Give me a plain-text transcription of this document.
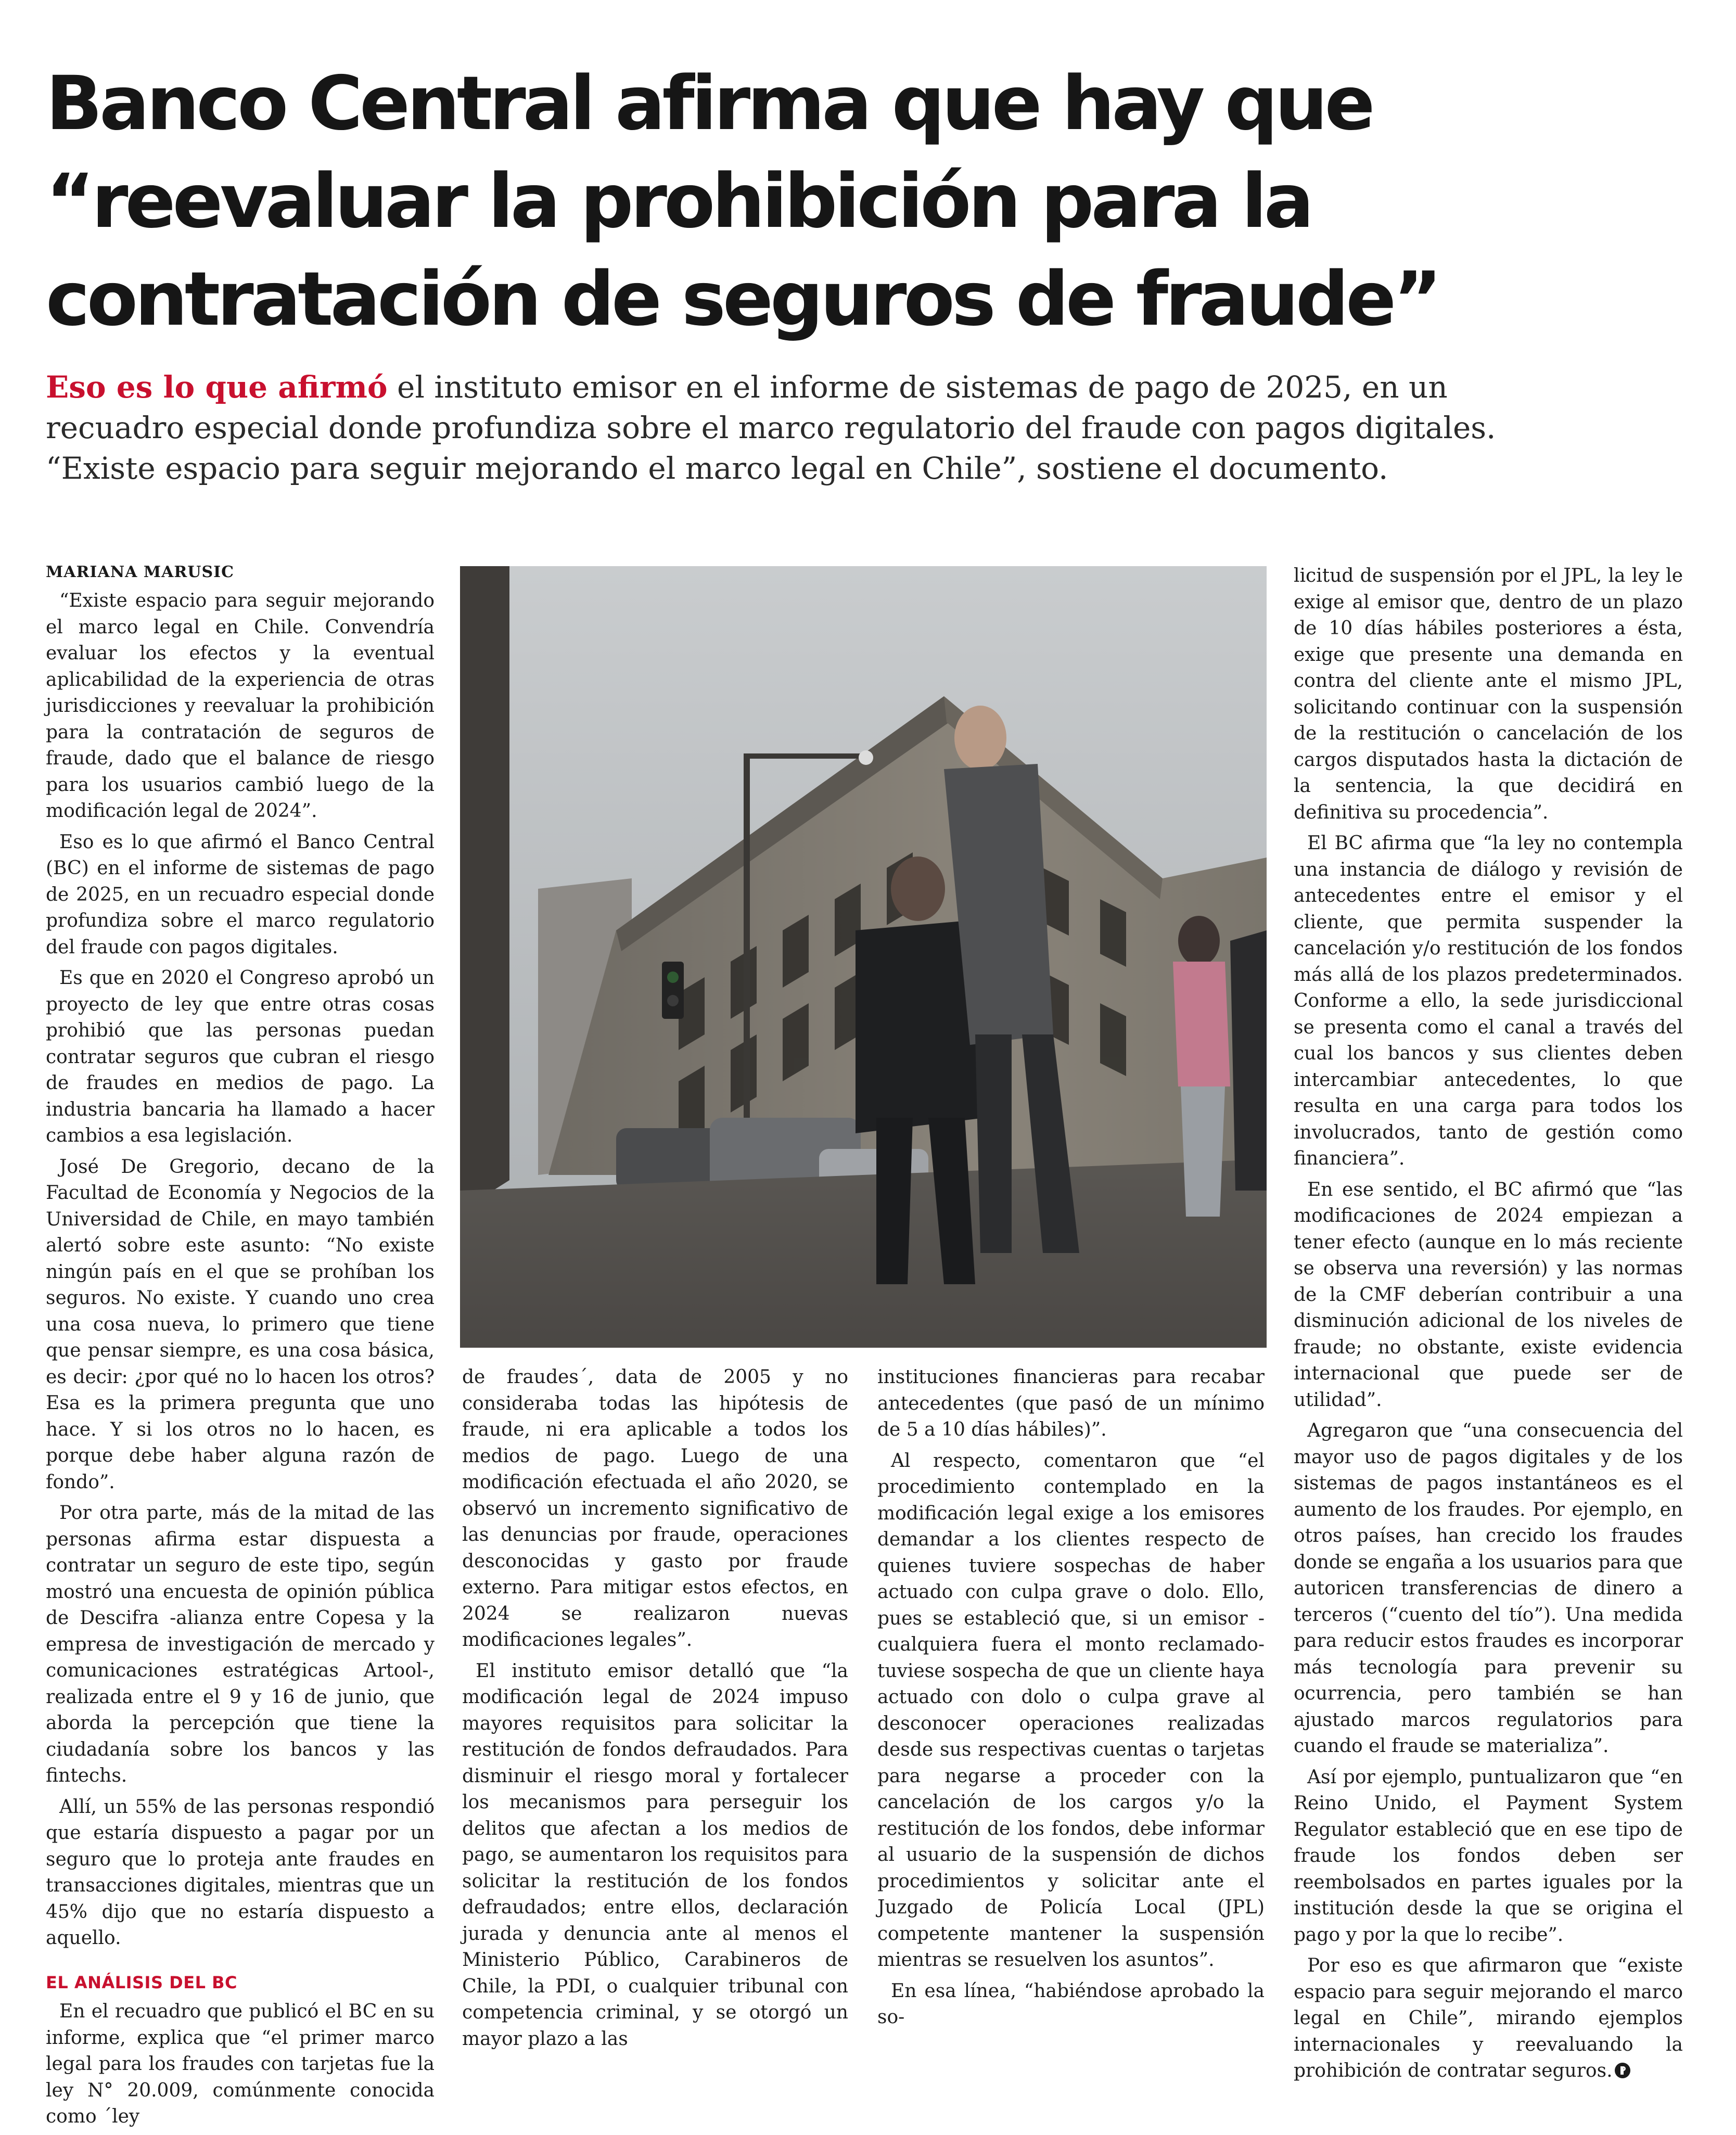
Banco Central afirma que hay que
“reevaluar la prohibición para la
contratación de seguros de fraude”
Eso es lo que afirmó el instituto emisor en el informe de sistemas de pago de 2025, en un
recuadro especial donde profundiza sobre el marco regulatorio del fraude con pagos digitales.
“Existe espacio para seguir mejorando el marco legal en Chile”, sostiene el documento.
MARIANA MARUSIC

“Existe espacio para seguir mejorando el marco legal en Chile. Convendría evaluar los efectos y la eventual aplicabilidad de la experiencia de otras jurisdicciones y reevaluar la prohibición para la contratación de seguros de fraude, dado que el balance de riesgo para los usuarios cambió luego de la modificación legal de 2024”.

Eso es lo que afirmó el Banco Central (BC) en el informe de sistemas de pago de 2025, en un recuadro especial donde profundiza sobre el marco regulatorio del fraude con pagos digitales.

Es que en 2020 el Congreso aprobó un proyecto de ley que entre otras cosas prohibió que las personas puedan contratar seguros que cubran el riesgo de fraudes en medios de pago. La industria bancaria ha llamado a hacer cambios a esa legislación.

José De Gregorio, decano de la Facultad de Economía y Negocios de la Universidad de Chile, en mayo también alertó sobre este asunto: “No existe ningún país en el que se prohíban los seguros. No existe. Y cuando uno crea una cosa nueva, lo primero que tiene que pensar siempre, es una cosa básica, es decir: ¿por qué no lo hacen los otros? Esa es la primera pregunta que uno hace. Y si los otros no lo hacen, es porque debe haber alguna razón de fondo”.

Por otra parte, más de la mitad de las personas afirma estar dispuesta a contratar un seguro de este tipo, según mostró una encuesta de opinión pública de Descifra -alianza entre Copesa y la empresa de investigación de mercado y comunicaciones estratégicas Artool-, realizada entre el 9 y 16 de junio, que aborda la percepción que tiene la ciudadanía sobre los bancos y las fintechs.

Allí, un 55% de las personas respondió que estaría dispuesto a pagar por un seguro que lo proteja ante fraudes en transacciones digitales, mientras que un 45% dijo que no estaría dispuesto a aquello.

EL ANÁLISIS DEL BC

En el recuadro que publicó el BC en su informe, explica que “el primer marco legal para los fraudes con tarjetas fue la ley N° 20.009, comúnmente conocida como ´ley

de fraudes´, data de 2005 y no consideraba todas las hipótesis de fraude, ni era aplicable a todos los medios de pago. Luego de una modificación efectuada el año 2020, se observó un incremento significativo de las denuncias por fraude, operaciones desconocidas y gasto por fraude externo. Para mitigar estos efectos, en 2024 se realizaron nuevas modificaciones legales”.

El instituto emisor detalló que “la modificación legal de 2024 impuso mayores requisitos para solicitar la restitución de fondos defraudados. Para disminuir el riesgo moral y fortalecer los mecanismos para perseguir los delitos que afectan a los medios de pago, se aumentaron los requisitos para solicitar la restitución de los fondos defraudados; entre ellos, declaración jurada y denuncia ante al menos el Ministerio Público, Carabineros de Chile, la PDI, o cualquier tribunal con competencia criminal, y se otorgó un mayor plazo a las

instituciones financieras para recabar antecedentes (que pasó de un mínimo de 5 a 10 días hábiles)”.

Al respecto, comentaron que “el procedimiento contemplado en la modificación legal exige a los emisores demandar a los clientes respecto de quienes tuviere sospechas de haber actuado con culpa grave o dolo. Ello, pues se estableció que, si un emisor -cualquiera fuera el monto reclamado- tuviese sospecha de que un cliente haya actuado con dolo o culpa grave al desconocer operaciones realizadas desde sus respectivas cuentas o tarjetas para negarse a proceder con la cancelación de los cargos y/o la restitución de los fondos, debe informar al usuario de la suspensión de dichos procedimientos y solicitar ante el Juzgado de Policía Local (JPL) competente mantener la suspensión mientras se resuelven los asuntos”.

En esa línea, “habiéndose aprobado la so-

licitud de suspensión por el JPL, la ley le exige al emisor que, dentro de un plazo de 10 días hábiles posteriores a ésta, exige que presente una demanda en contra del cliente ante el mismo JPL, solicitando continuar con la suspensión de la restitución o cancelación de los cargos disputados hasta la dictación de la sentencia, la que decidirá en definitiva su procedencia”.

El BC afirma que “la ley no contempla una instancia de diálogo y revisión de antecedentes entre el emisor y el cliente, que permita suspender la cancelación y/o restitución de los fondos más allá de los plazos predeterminados. Conforme a ello, la sede jurisdiccional se presenta como el canal a través del cual los bancos y sus clientes deben intercambiar antecedentes, lo que resulta en una carga para todos los involucrados, tanto de gestión como financiera”.

En ese sentido, el BC afirmó que “las modificaciones de 2024 empiezan a tener efecto (aunque en lo más reciente se observa una reversión) y las normas de la CMF deberían contribuir a una disminución adicional de los niveles de fraude; no obstante, existe evidencia internacional que puede ser de utilidad”.

Agregaron que “una consecuencia del mayor uso de pagos digitales y de los sistemas de pagos instantáneos es el aumento de los fraudes. Por ejemplo, en otros países, han crecido los fraudes donde se engaña a los usuarios para que autoricen transferencias de dinero a terceros (“cuento del tío”). Una medida para reducir estos fraudes es incorporar más tecnología para prevenir su ocurrencia, pero también se han ajustado marcos regulatorios para cuando el fraude se materializa”.

Así por ejemplo, puntualizaron que “en Reino Unido, el Payment System Regulator estableció que en ese tipo de fraude los fondos deben ser reembolsados en partes iguales por la institución desde la que se origina el pago y por la que lo recibe”.

Por eso es que afirmaron que “existe espacio para seguir mejorando el marco legal en Chile”, mirando ejemplos internacionales y reevaluando la prohibición de contratar seguros.
